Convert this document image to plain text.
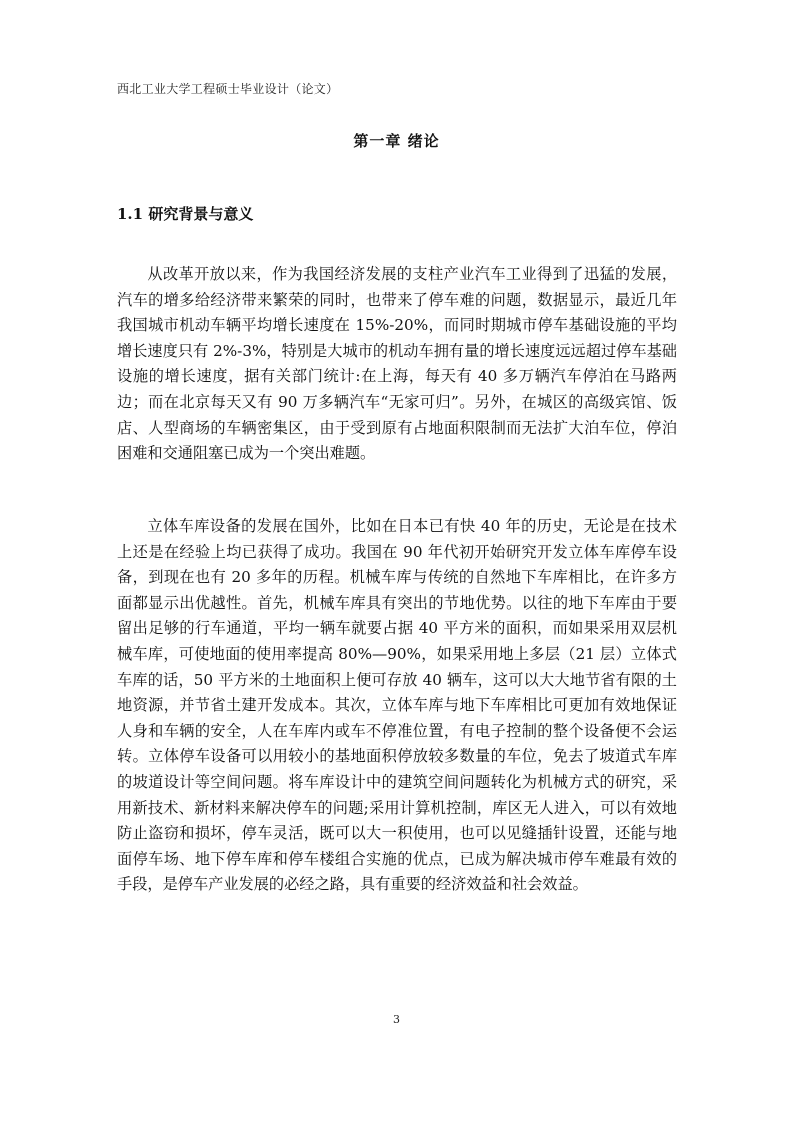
西北工业大学工程硕士毕业设计（论文）
第一章 绪论
1.1 研究背景与意义

从改革开放以来，作为我国经济发展的支柱产业汽车工业得到了迅猛的发展，汽车的增多给经济带来繁荣的同时，也带来了停车难的问题，数据显示，最近几年我国城市机动车辆平均增长速度在 15%-20%，而同时期城市停车基础设施的平均增长速度只有 2%-3%，特别是大城市的机动车拥有量的增长速度远远超过停车基础设施的增长速度，据有关部门统计:在上海，每天有 40 多万辆汽车停泊在马路两边；而在北京每天又有 90 万多辆汽车“无家可归”。另外，在城区的高级宾馆、饭店、人型商场的车辆密集区，由于受到原有占地面积限制而无法扩大泊车位，停泊困难和交通阻塞已成为一个突出难题。

立体车库设备的发展在国外，比如在日本已有快 40 年的历史，无论是在技术上还是在经验上均已获得了成功。我国在 90 年代初开始研究开发立体车库停车设备，到现在也有 20 多年的历程。机械车库与传统的自然地下车库相比，在许多方面都显示出优越性。首先，机械车库具有突出的节地优势。以往的地下车库由于要留出足够的行车通道，平均一辆车就要占据 40 平方米的面积，而如果采用双层机械车库，可使地面的使用率提高 80%—90%，如果采用地上多层（21 层）立体式车库的话，50 平方米的土地面积上便可存放 40 辆车，这可以大大地节省有限的土地资源，并节省土建开发成本。其次，立体车库与地下车库相比可更加有效地保证人身和车辆的安全，人在车库内或车不停准位置，有电子控制的整个设备便不会运转。立体停车设备可以用较小的基地面积停放较多数量的车位，免去了坡道式车库的坡道设计等空间问题。将车库设计中的建筑空间问题转化为机械方式的研究，采用新技术、新材料来解决停车的问题;采用计算机控制，库区无人进入，可以有效地防止盗窃和损坏，停车灵活，既可以大一积使用，也可以见缝插针设置，还能与地面停车场、地下停车库和停车楼组合实施的优点，已成为解决城市停车难最有效的手段，是停车产业发展的必经之路，具有重要的经济效益和社会效益。

3
